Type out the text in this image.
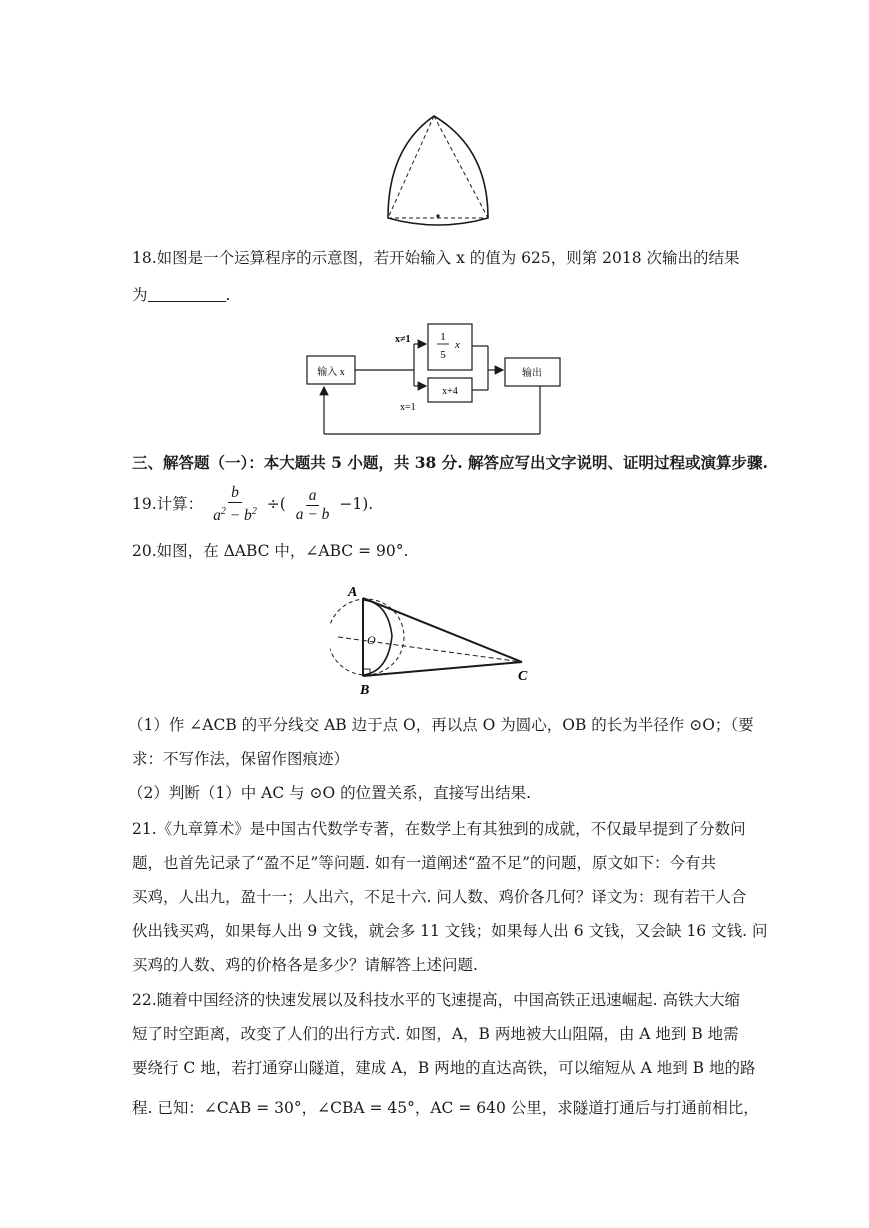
18.如图是一个运算程序的示意图，若开始输入 x 的值为 625，则第 2018 次输出的结果
为	.
输入 x
x≠1
x=1
1
5
x
x+4
输出
三、解答题（一）：本大题共 5 小题，共 38 分. 解答应写出文字说明、证明过程或演算步骤.
19.计算： $\frac{b}{a^2 - b^2}$ ÷( $\frac{a}{a - b} -1$).
20.如图，在 ΔABC 中，∠ABC = 90°.
A
B
C
O
（1）作 ∠ACB 的平分线交 AB 边于点 O，再以点 O 为圆心，OB 的长为半径作 ⊙O；（要
求：不写作法，保留作图痕迹）
（2）判断（1）中 AC 与 ⊙O 的位置关系，直接写出结果.
21.《九章算术》是中国古代数学专著，在数学上有其独到的成就，不仅最早提到了分数问
题，也首先记录了“盈不足”等问题. 如有一道阐述“盈不足”的问题，原文如下：今有共
买鸡，人出九，盈十一；人出六，不足十六. 问人数、鸡价各几何？译文为：现有若干人合
伙出钱买鸡，如果每人出 9 文钱，就会多 11 文钱；如果每人出 6 文钱，又会缺 16 文钱. 问
买鸡的人数、鸡的价格各是多少？请解答上述问题.
22.随着中国经济的快速发展以及科技水平的飞速提高，中国高铁正迅速崛起. 高铁大大缩
短了时空距离，改变了人们的出行方式. 如图，A，B 两地被大山阻隔，由 A 地到 B 地需
要绕行 C 地，若打通穿山隧道，建成 A，B 两地的直达高铁，可以缩短从 A 地到 B 地的路
程. 已知：∠CAB = 30°，∠CBA = 45°，AC = 640 公里，求隧道打通后与打通前相比，
